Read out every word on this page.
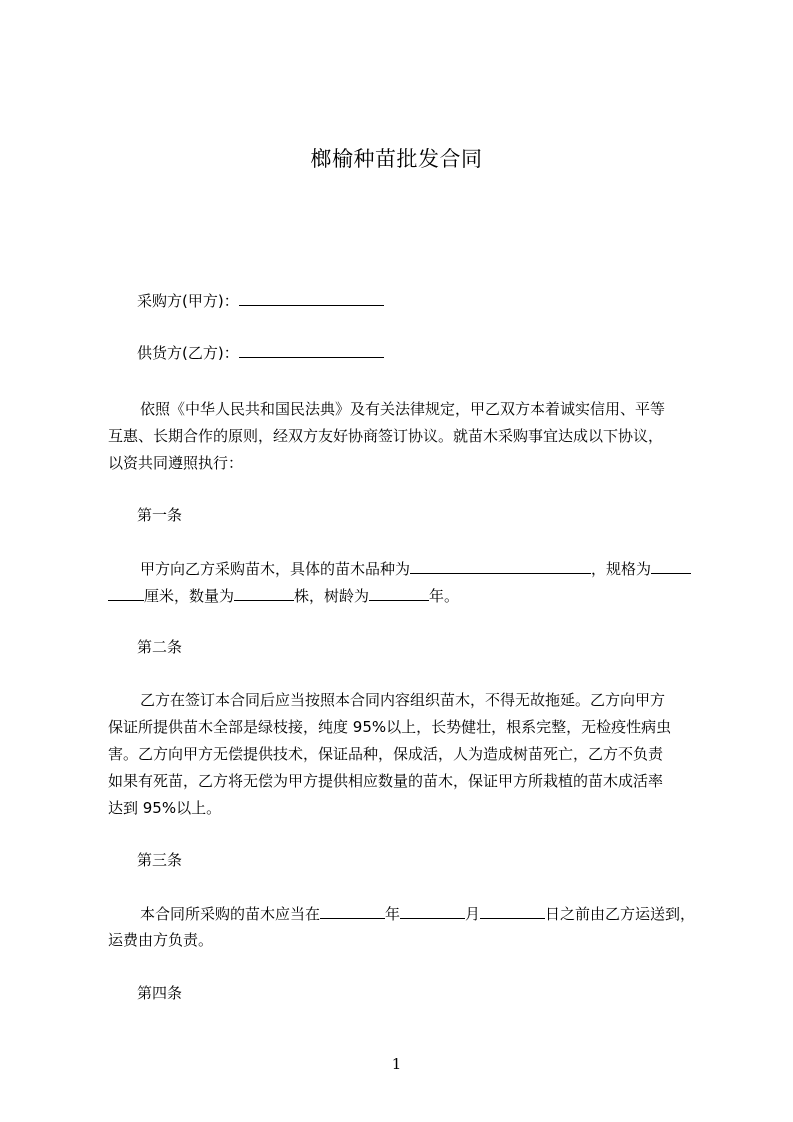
榔榆种苗批发合同
采购方(甲方)：
供货方(乙方)：
依照《中华人民共和国民法典》及有关法律规定，甲乙双方本着诚实信用、平等
互惠、长期合作的原则，经双方友好协商签订协议。就苗木采购事宜达成以下协议，
以资共同遵照执行：
第一条
甲方向乙方采购苗木，具体的苗木品种为	，规格为
厘米，数量为	株，树龄为	年。
第二条
乙方在签订本合同后应当按照本合同内容组织苗木，不得无故拖延。乙方向甲方
保证所提供苗木全部是绿枝接，纯度 95%以上，长势健壮，根系完整，无检疫性病虫
害。乙方向甲方无偿提供技术，保证品种，保成活，人为造成树苗死亡，乙方不负责
如果有死苗，乙方将无偿为甲方提供相应数量的苗木，保证甲方所栽植的苗木成活率
达到 95%以上。
第三条
本合同所采购的苗木应当在	年	月	日之前由乙方运送到，
运费由方负责。
第四条
1
